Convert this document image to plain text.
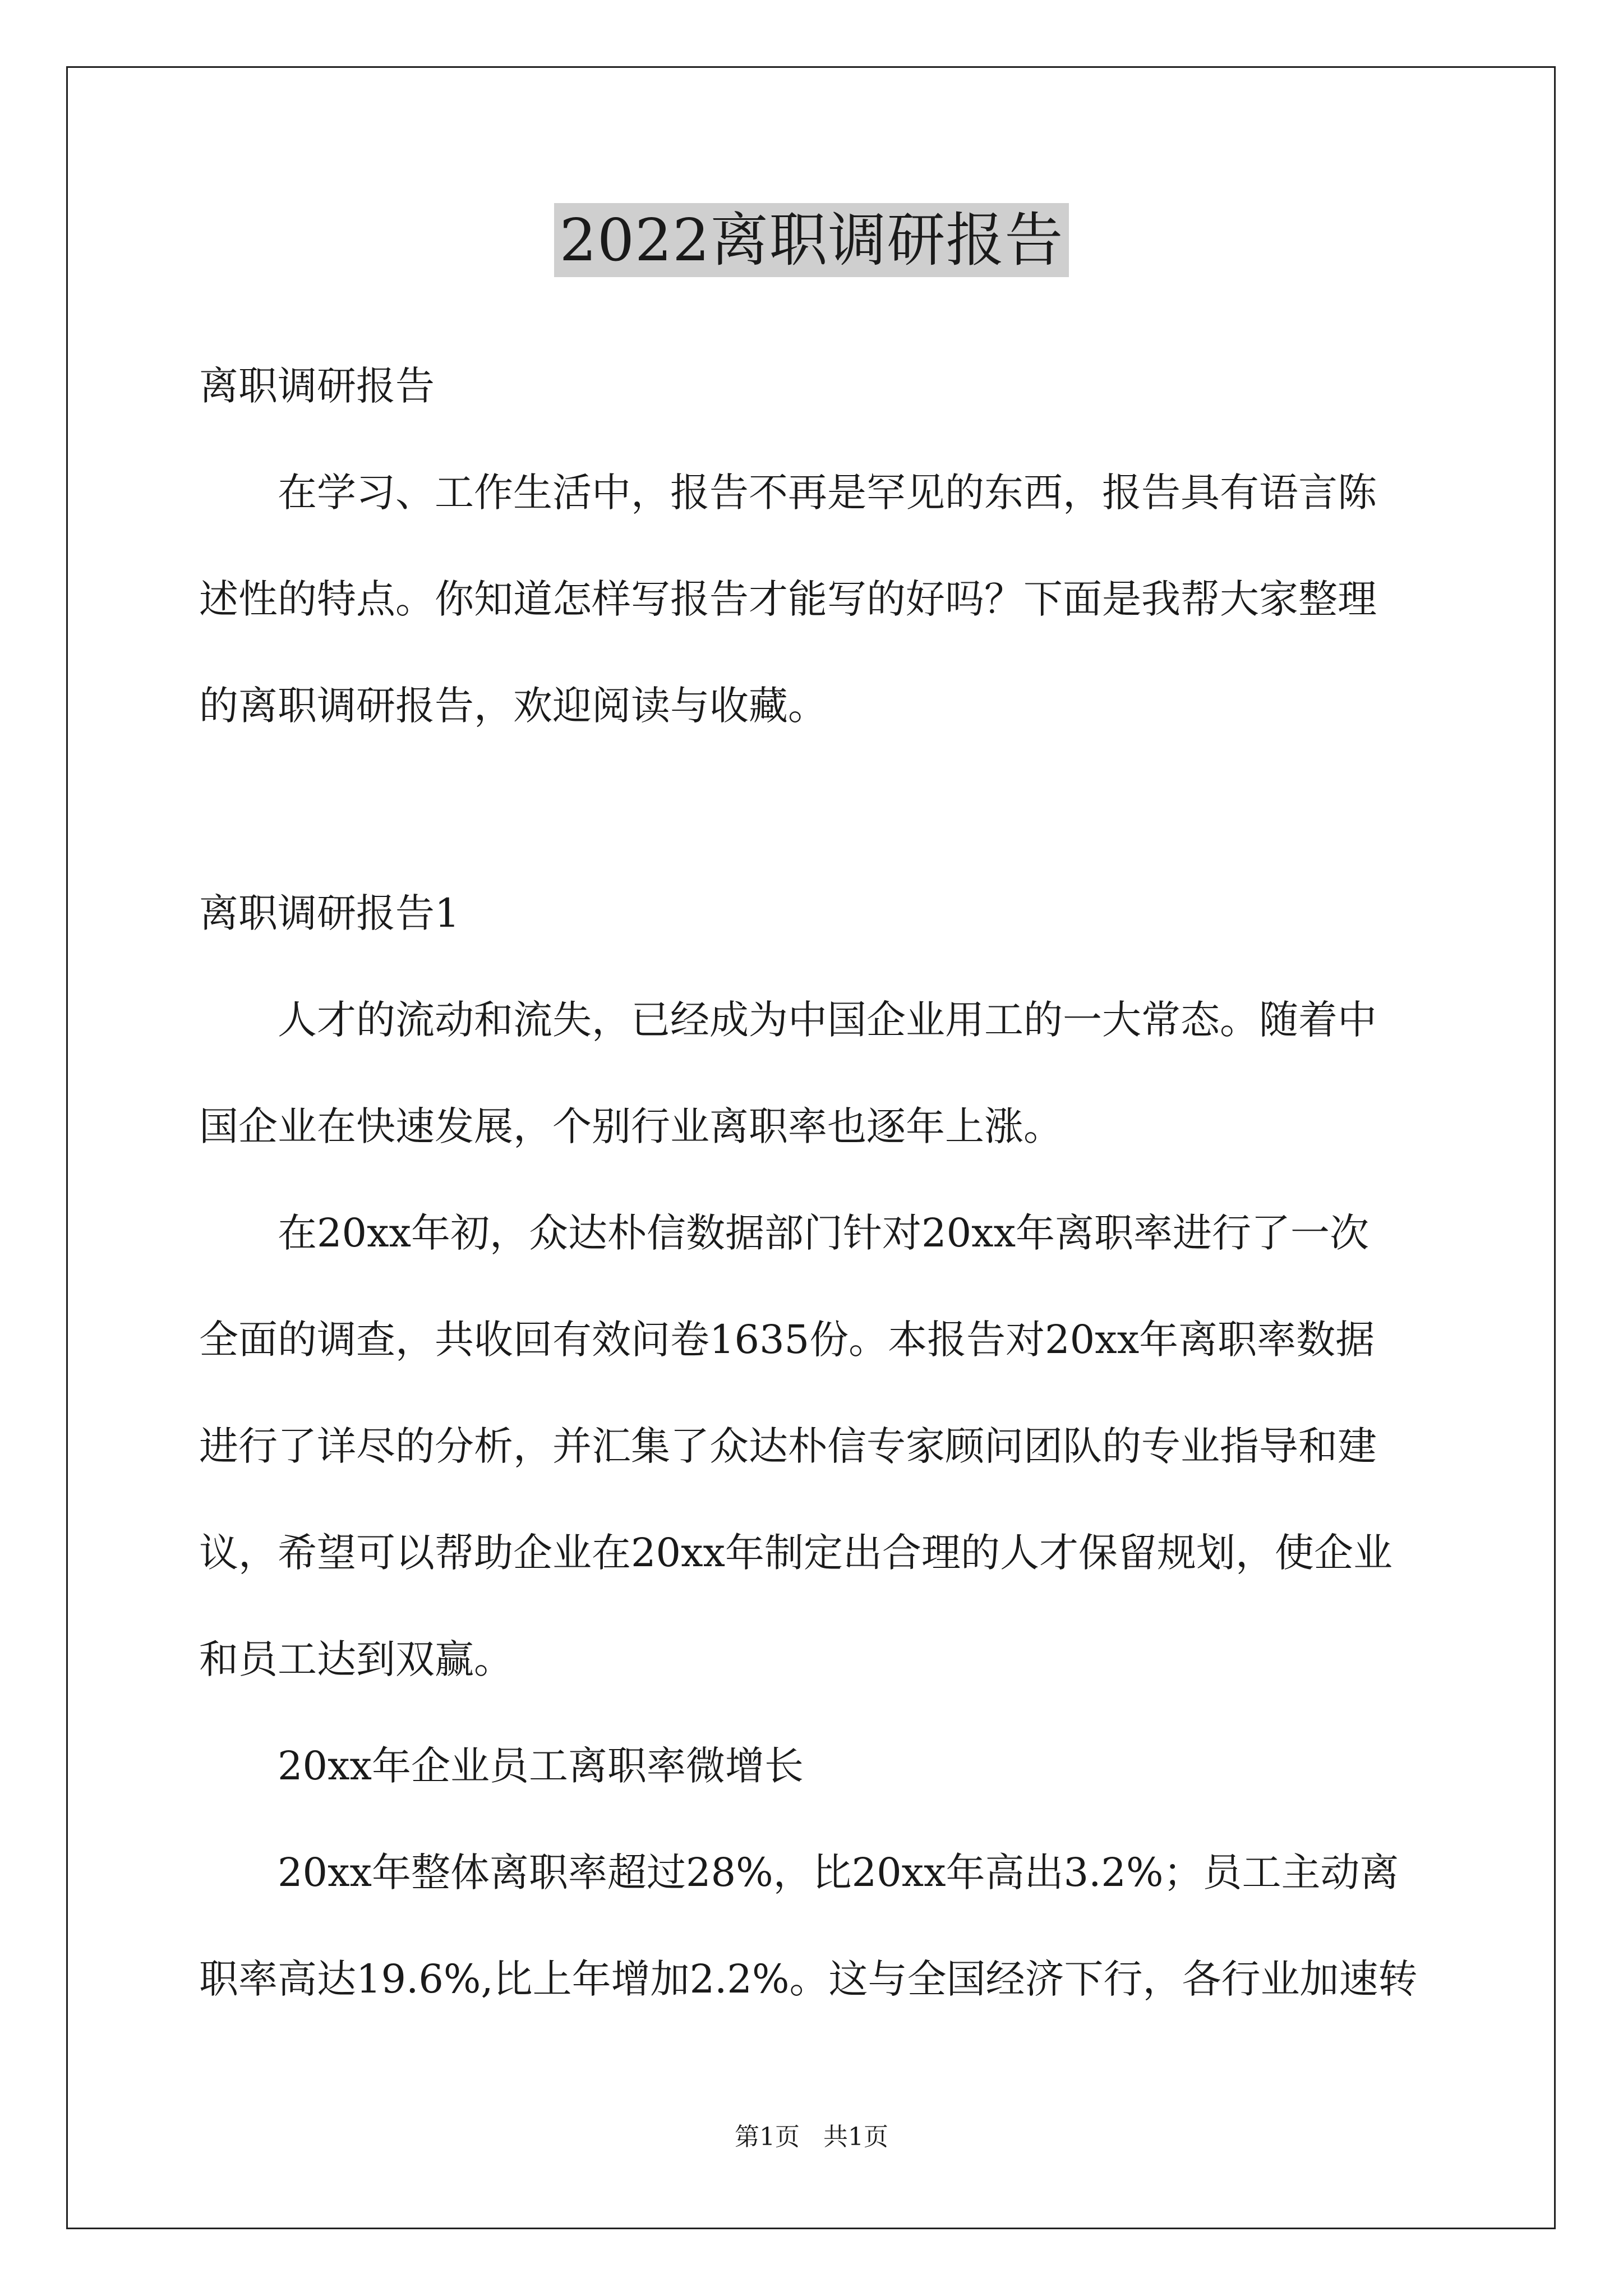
2022离职调研报告
离职调研报告
在学习、工作生活中，报告不再是罕见的东西，报告具有语言陈
述性的特点。你知道怎样写报告才能写的好吗？下面是我帮大家整理
的离职调研报告，欢迎阅读与收藏。
离职调研报告1
人才的流动和流失，已经成为中国企业用工的一大常态。随着中
国企业在快速发展，个别行业离职率也逐年上涨。
在20xx年初，众达朴信数据部门针对20xx年离职率进行了一次
全面的调查，共收回有效问卷1635份。本报告对20xx年离职率数据
进行了详尽的分析，并汇集了众达朴信专家顾问团队的专业指导和建
议，希望可以帮助企业在20xx年制定出合理的人才保留规划，使企业
和员工达到双赢。
20xx年企业员工离职率微增长
20xx年整体离职率超过28%，比20xx年高出3.2%；员工主动离
职率高达19.6%,比上年增加2.2%。这与全国经济下行，各行业加速转
第1页 共1页
